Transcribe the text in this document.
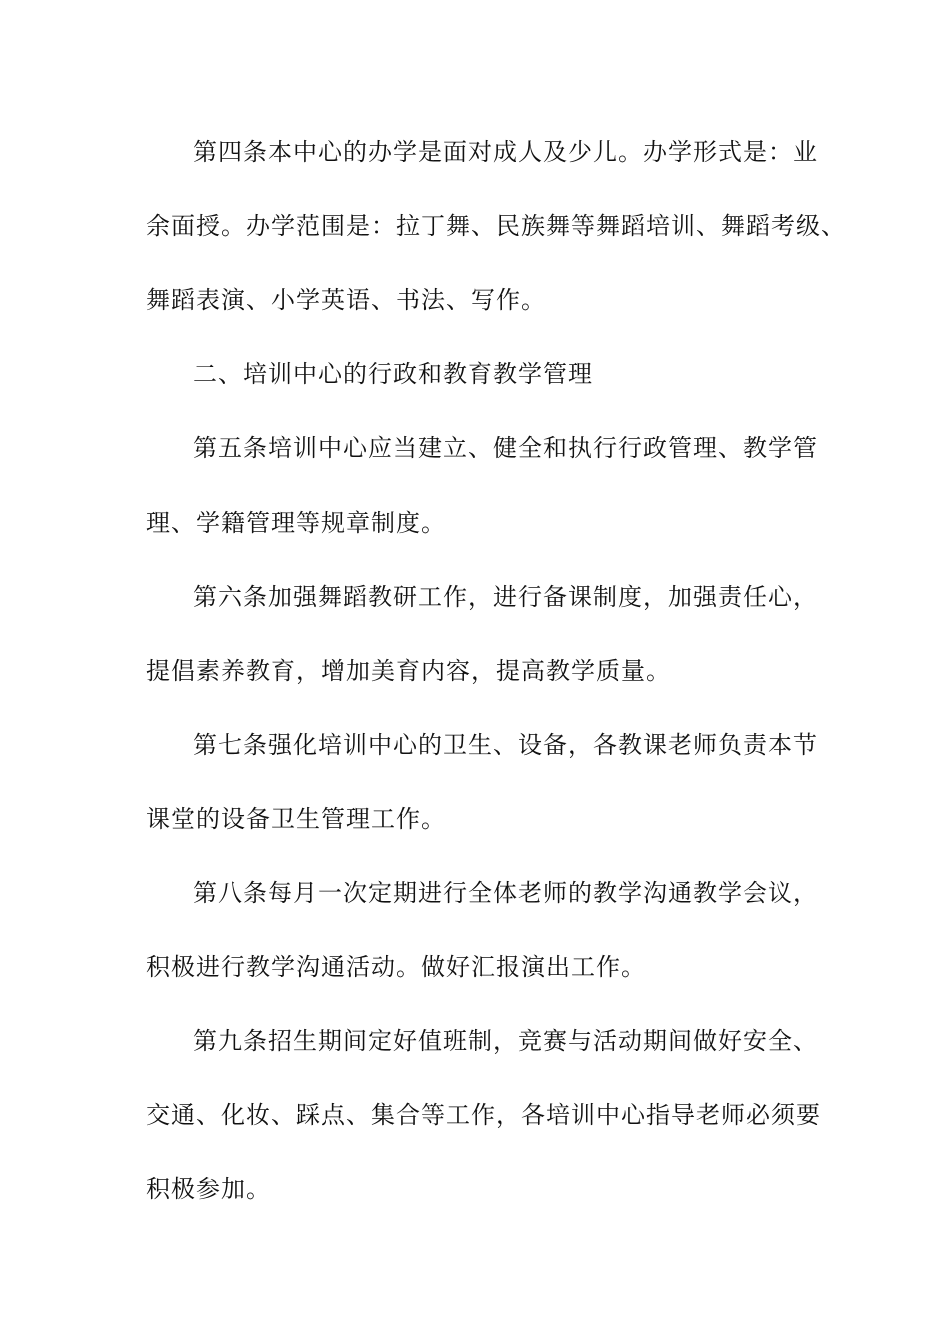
第四条本中心的办学是面对成人及少儿。办学形式是：业
余面授。办学范围是：拉丁舞、民族舞等舞蹈培训、舞蹈考级、
舞蹈表演、小学英语、书法、写作。
二、培训中心的行政和教育教学管理
第五条培训中心应当建立、健全和执行行政管理、教学管
理、学籍管理等规章制度。
第六条加强舞蹈教研工作，进行备课制度，加强责任心，
提倡素养教育，增加美育内容，提高教学质量。
第七条强化培训中心的卫生、设备，各教课老师负责本节
课堂的设备卫生管理工作。
第八条每月一次定期进行全体老师的教学沟通教学会议，
积极进行教学沟通活动。做好汇报演出工作。
第九条招生期间定好值班制，竞赛与活动期间做好安全、
交通、化妆、踩点、集合等工作，各培训中心指导老师必须要
积极参加。
